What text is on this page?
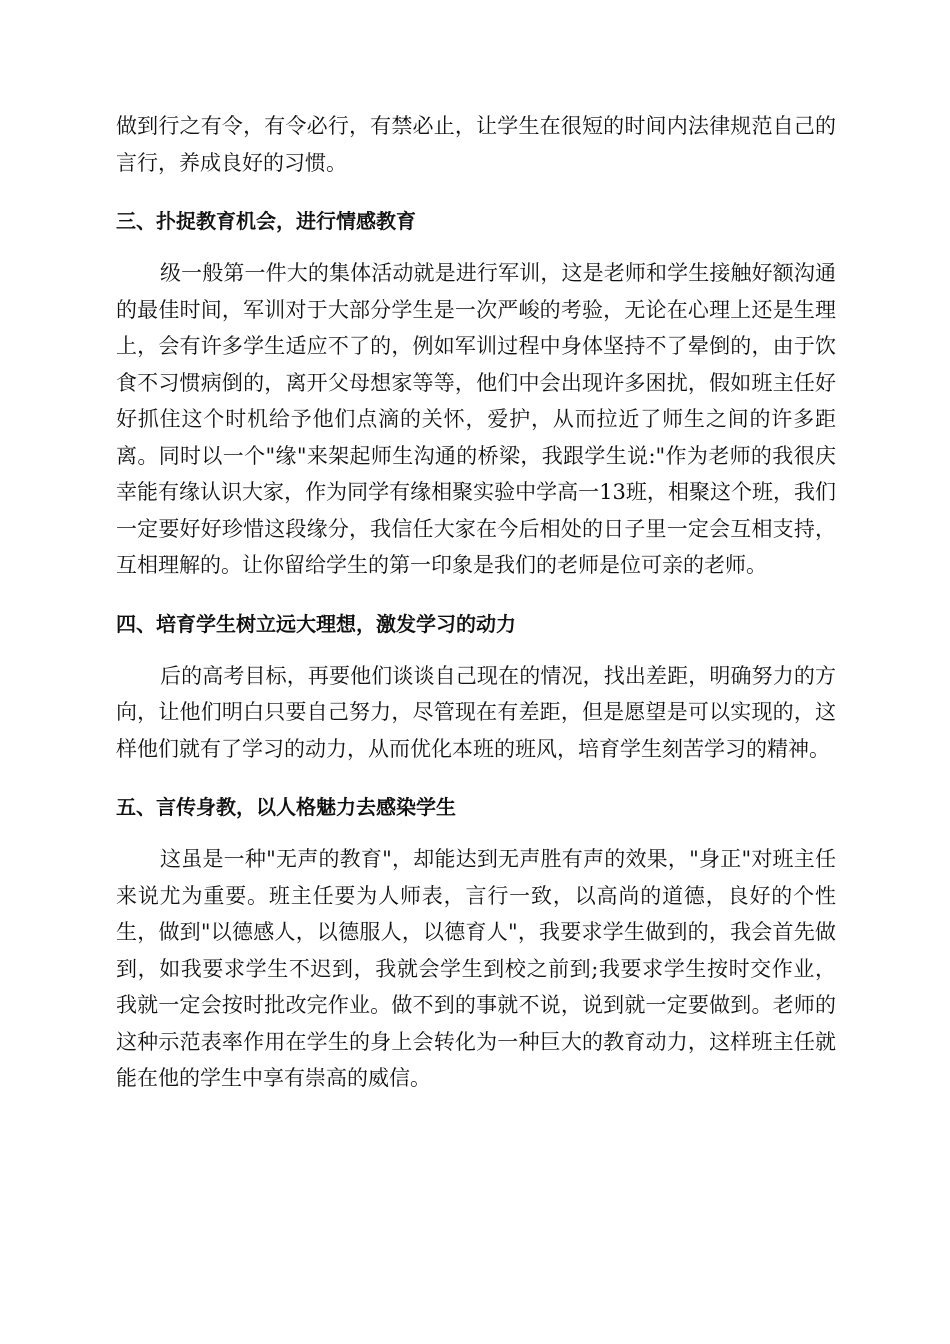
做到行之有令，有令必行，有禁必止，让学生在很短的时间内法律规范自己的言行，养成良好的习惯。

三、扑捉教育机会，进行情感教育

级一般第一件大的集体活动就是进行军训，这是老师和学生接触好额沟通的最佳时间，军训对于大部分学生是一次严峻的考验，无论在心理上还是生理上，会有许多学生适应不了的，例如军训过程中身体坚持不了晕倒的，由于饮食不习惯病倒的，离开父母想家等等，他们中会出现许多困扰，假如班主任好好抓住这个时机给予他们点滴的关怀，爱护，从而拉近了师生之间的许多距离。同时以一个"缘"来架起师生沟通的桥梁，我跟学生说:"作为老师的我很庆幸能有缘认识大家，作为同学有缘相聚实验中学高一13班，相聚这个班，我们一定要好好珍惜这段缘分，我信任大家在今后相处的日子里一定会互相支持，互相理解的。让你留给学生的第一印象是我们的老师是位可亲的老师。

四、培育学生树立远大理想，激发学习的动力

后的高考目标，再要他们谈谈自己现在的情况，找出差距，明确努力的方向，让他们明白只要自己努力，尽管现在有差距，但是愿望是可以实现的，这样他们就有了学习的动力，从而优化本班的班风，培育学生刻苦学习的精神。

五、言传身教，以人格魅力去感染学生

这虽是一种"无声的教育"，却能达到无声胜有声的效果，"身正"对班主任来说尤为重要。班主任要为人师表，言行一致，以高尚的道德，良好的个性生，做到"以德感人，以德服人，以德育人"，我要求学生做到的，我会首先做到，如我要求学生不迟到，我就会学生到校之前到;我要求学生按时交作业，我就一定会按时批改完作业。做不到的事就不说，说到就一定要做到。老师的这种示范表率作用在学生的身上会转化为一种巨大的教育动力，这样班主任就能在他的学生中享有崇高的威信。
